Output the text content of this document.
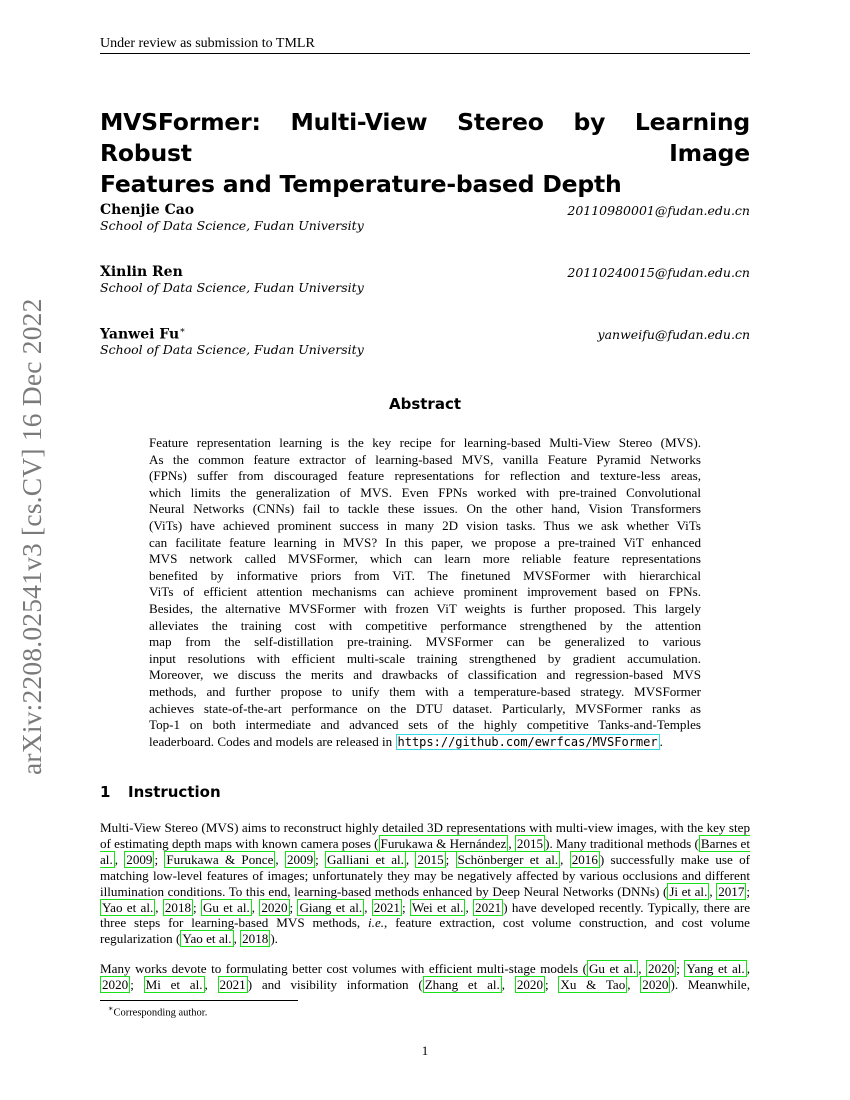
Under review as submission to TMLR
arXiv:2208.02541v3 [cs.CV] 16 Dec 2022
MVSFormer: Multi-View Stereo by Learning Robust Image
Features and Temperature-based Depth
Chenjie Cao	20110980001@fudan.edu.cn
School of Data Science, Fudan University
Xinlin Ren	20110240015@fudan.edu.cn
School of Data Science, Fudan University
Yanwei Fu∗	yanweifu@fudan.edu.cn
School of Data Science, Fudan University
Abstract
Feature representation learning is the key recipe for learning-based Multi-View Stereo (MVS).
As the common feature extractor of learning-based MVS, vanilla Feature Pyramid Networks
(FPNs) suffer from discouraged feature representations for reflection and texture-less areas,
which limits the generalization of MVS. Even FPNs worked with pre-trained Convolutional
Neural Networks (CNNs) fail to tackle these issues. On the other hand, Vision Transformers
(ViTs) have achieved prominent success in many 2D vision tasks. Thus we ask whether ViTs
can facilitate feature learning in MVS? In this paper, we propose a pre-trained ViT enhanced
MVS network called MVSFormer, which can learn more reliable feature representations
benefited by informative priors from ViT. The finetuned MVSFormer with hierarchical
ViTs of efficient attention mechanisms can achieve prominent improvement based on FPNs.
Besides, the alternative MVSFormer with frozen ViT weights is further proposed. This largely
alleviates the training cost with competitive performance strengthened by the attention
map from the self-distillation pre-training. MVSFormer can be generalized to various
input resolutions with efficient multi-scale training strengthened by gradient accumulation.
Moreover, we discuss the merits and drawbacks of classification and regression-based MVS
methods, and further propose to unify them with a temperature-based strategy. MVSFormer
achieves state-of-the-art performance on the DTU dataset. Particularly, MVSFormer ranks as
Top-1 on both intermediate and advanced sets of the highly competitive Tanks-and-Temples
leaderboard. Codes and models are released in https://github.com/ewrfcas/MVSFormer .
1 Instruction
Multi-View Stereo (MVS) aims to reconstruct highly detailed 3D representations with multi-view images, with the key step of estimating depth maps with known camera poses ( Furukawa & Hernández , 2015 ). Many traditional methods ( Barnes et al. , 2009 ; Furukawa & Ponce , 2009 ; Galliani et al. , 2015 ; Schönberger et al. , 2016 ) successfully make use of matching low-level features of images; unfortunately they may be negatively affected by various occlusions and different illumination conditions. To this end, learning-based methods enhanced by Deep Neural Networks (DNNs) ( Ji et al. , 2017 ; Yao et al. , 2018 ; Gu et al. , 2020 ; Giang et al. , 2021 ; Wei et al. , 2021 ) have developed recently. Typically, there are three steps for learning-based MVS methods, i.e., feature extraction, cost volume construction, and cost volume regularization ( Yao et al. , 2018 ).
Many works devote to formulating better cost volumes with efficient multi-stage models ( Gu et al. , 2020 ; Yang et al. , 2020 ; Mi et al. , 2021 ) and visibility information ( Zhang et al. , 2020 ; Xu & Tao , 2020 ). Meanwhile,
∗Corresponding author.
1
